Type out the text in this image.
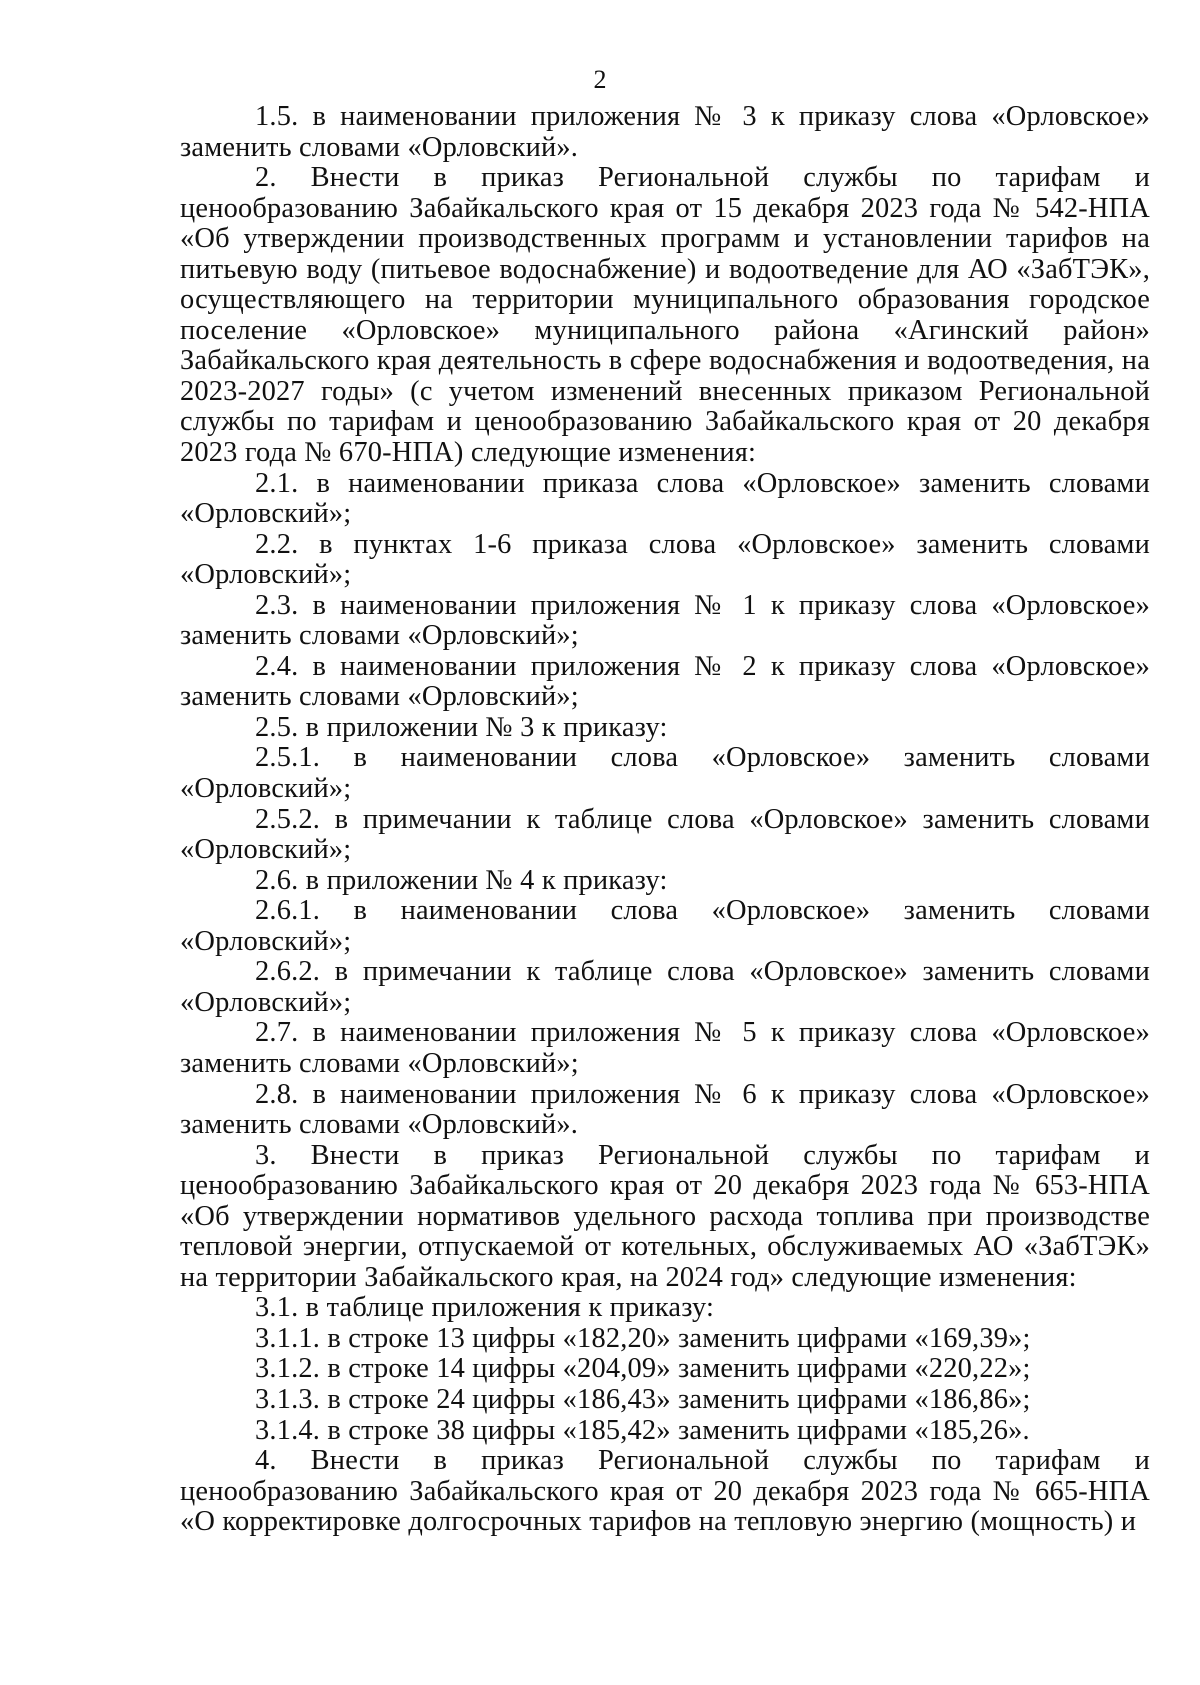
2

1.5. в наименовании приложения № 3 к приказу слова «Орловское» заменить словами «Орловский».

2. Внести в приказ Региональной службы по тарифам и ценообразованию Забайкальского края от 15 декабря 2023 года № 542-НПА «Об утверждении производственных программ и установлении тарифов на питьевую воду (питьевое водоснабжение) и водоотведение для АО «ЗабТЭК», осуществляющего на территории муниципального образования городское поселение «Орловское» муниципального района «Агинский район» Забайкальского края деятельность в сфере водоснабжения и водоотведения, на 2023-2027 годы» (с учетом изменений внесенных приказом Региональной службы по тарифам и ценообразованию Забайкальского края от 20 декабря 2023 года № 670-НПА) следующие изменения:

2.1. в наименовании приказа слова «Орловское» заменить словами «Орловский»;

2.2. в пунктах 1-6 приказа слова «Орловское» заменить словами «Орловский»;

2.3. в наименовании приложения № 1 к приказу слова «Орловское» заменить словами «Орловский»;

2.4. в наименовании приложения № 2 к приказу слова «Орловское» заменить словами «Орловский»;

2.5. в приложении № 3 к приказу:

2.5.1. в наименовании слова «Орловское» заменить словами «Орловский»;

2.5.2. в примечании к таблице слова «Орловское» заменить словами «Орловский»;

2.6. в приложении № 4 к приказу:

2.6.1. в наименовании слова «Орловское» заменить словами «Орловский»;

2.6.2. в примечании к таблице слова «Орловское» заменить словами «Орловский»;

2.7. в наименовании приложения № 5 к приказу слова «Орловское» заменить словами «Орловский»;

2.8. в наименовании приложения № 6 к приказу слова «Орловское» заменить словами «Орловский».

3. Внести в приказ Региональной службы по тарифам и ценообразованию Забайкальского края от 20 декабря 2023 года № 653-НПА «Об утверждении нормативов удельного расхода топлива при производстве тепловой энергии, отпускаемой от котельных, обслуживаемых АО «ЗабТЭК» на территории Забайкальского края, на 2024 год» следующие изменения:

3.1. в таблице приложения к приказу:

3.1.1. в строке 13 цифры «182,20» заменить цифрами «169,39»;

3.1.2. в строке 14 цифры «204,09» заменить цифрами «220,22»;

3.1.3. в строке 24 цифры «186,43» заменить цифрами «186,86»;

3.1.4. в строке 38 цифры «185,42» заменить цифрами «185,26».

4. Внести в приказ Региональной службы по тарифам и ценообразованию Забайкальского края от 20 декабря 2023 года № 665-НПА «О корректировке долгосрочных тарифов на тепловую энергию (мощность) и
